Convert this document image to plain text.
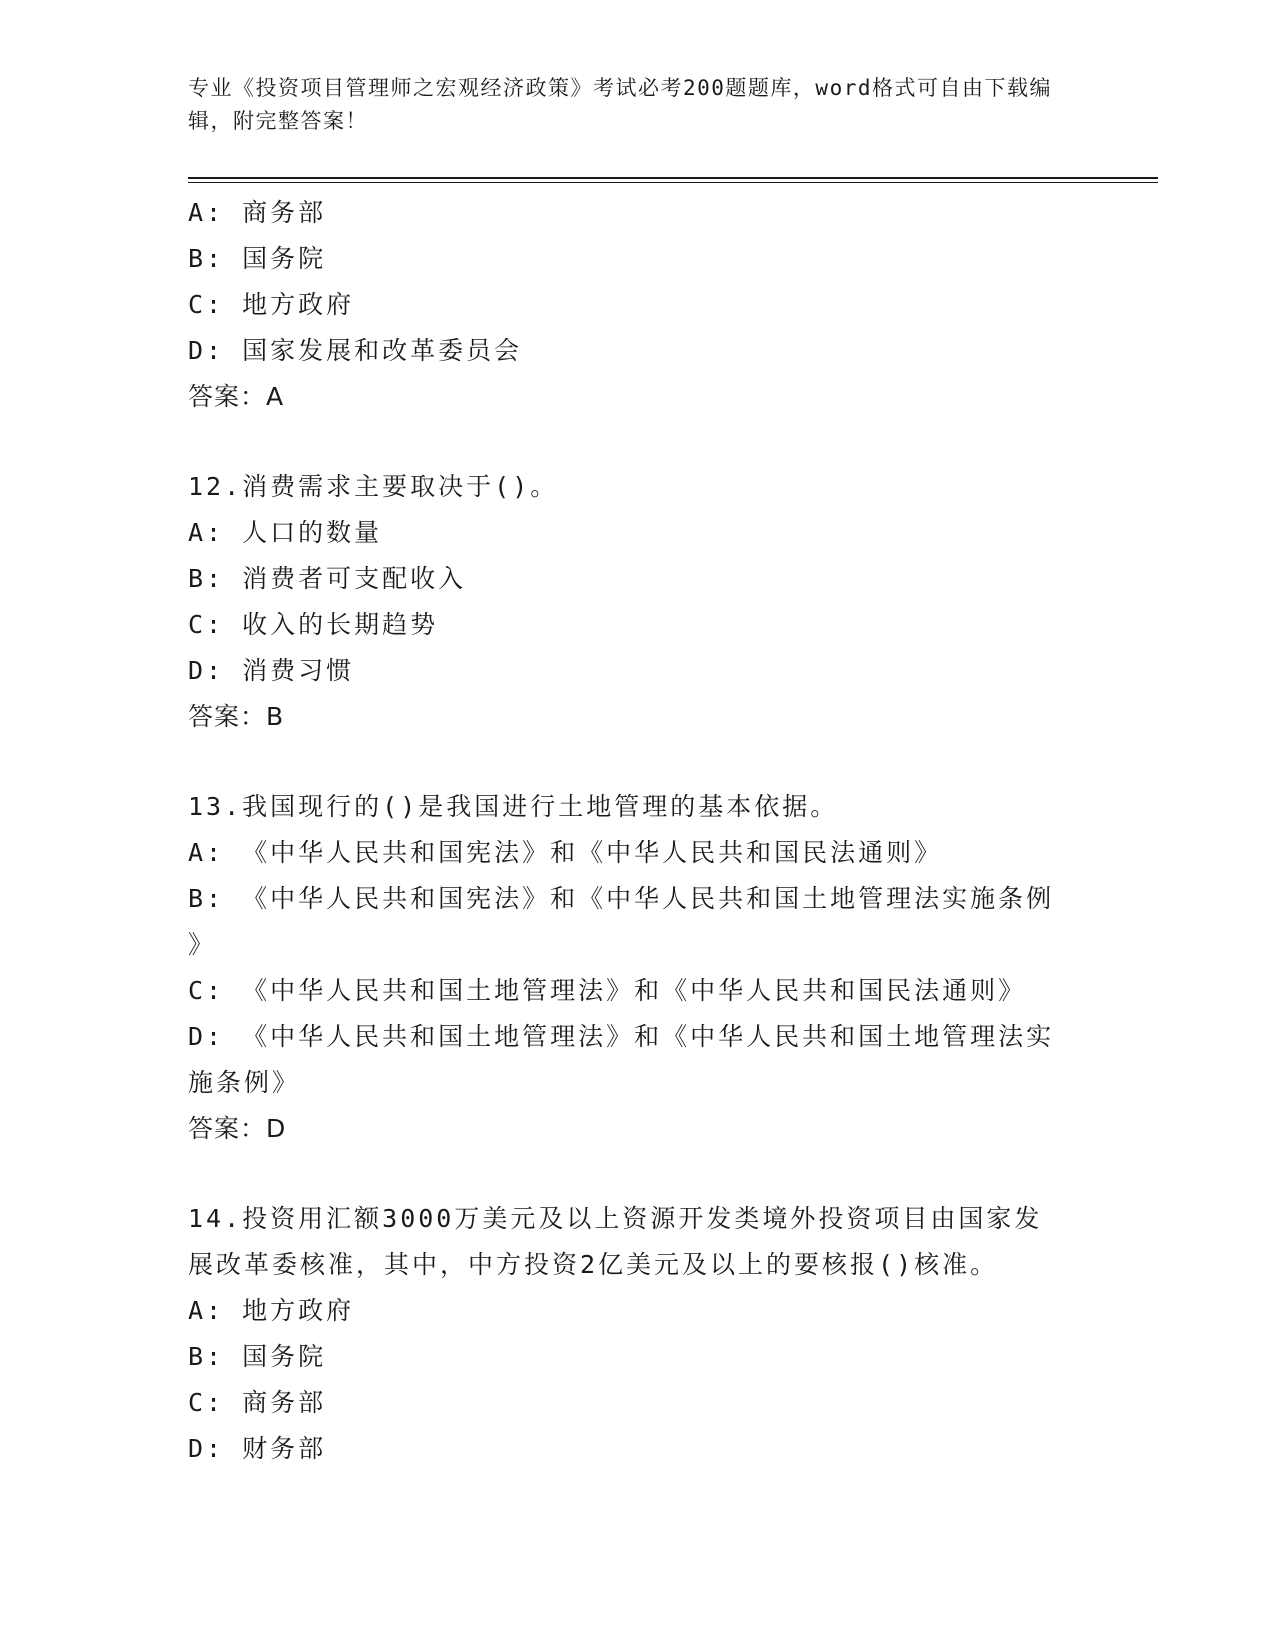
专业《投资项目管理师之宏观经济政策》考试必考200题题库，word格式可自由下载编辑，附完整答案！
A: 商务部
B: 国务院
C: 地方政府
D: 国家发展和改革委员会
答案：A
12.消费需求主要取决于()。
A: 人口的数量
B: 消费者可支配收入
C: 收入的长期趋势
D: 消费习惯
答案：B
13.我国现行的()是我国进行土地管理的基本依据。
A: 《中华人民共和国宪法》和《中华人民共和国民法通则》
B: 《中华人民共和国宪法》和《中华人民共和国土地管理法实施条例
》
C: 《中华人民共和国土地管理法》和《中华人民共和国民法通则》
D: 《中华人民共和国土地管理法》和《中华人民共和国土地管理法实
施条例》
答案：D
14.投资用汇额3000万美元及以上资源开发类境外投资项目由国家发
展改革委核准，其中，中方投资2亿美元及以上的要核报()核准。
A: 地方政府
B: 国务院
C: 商务部
D: 财务部
